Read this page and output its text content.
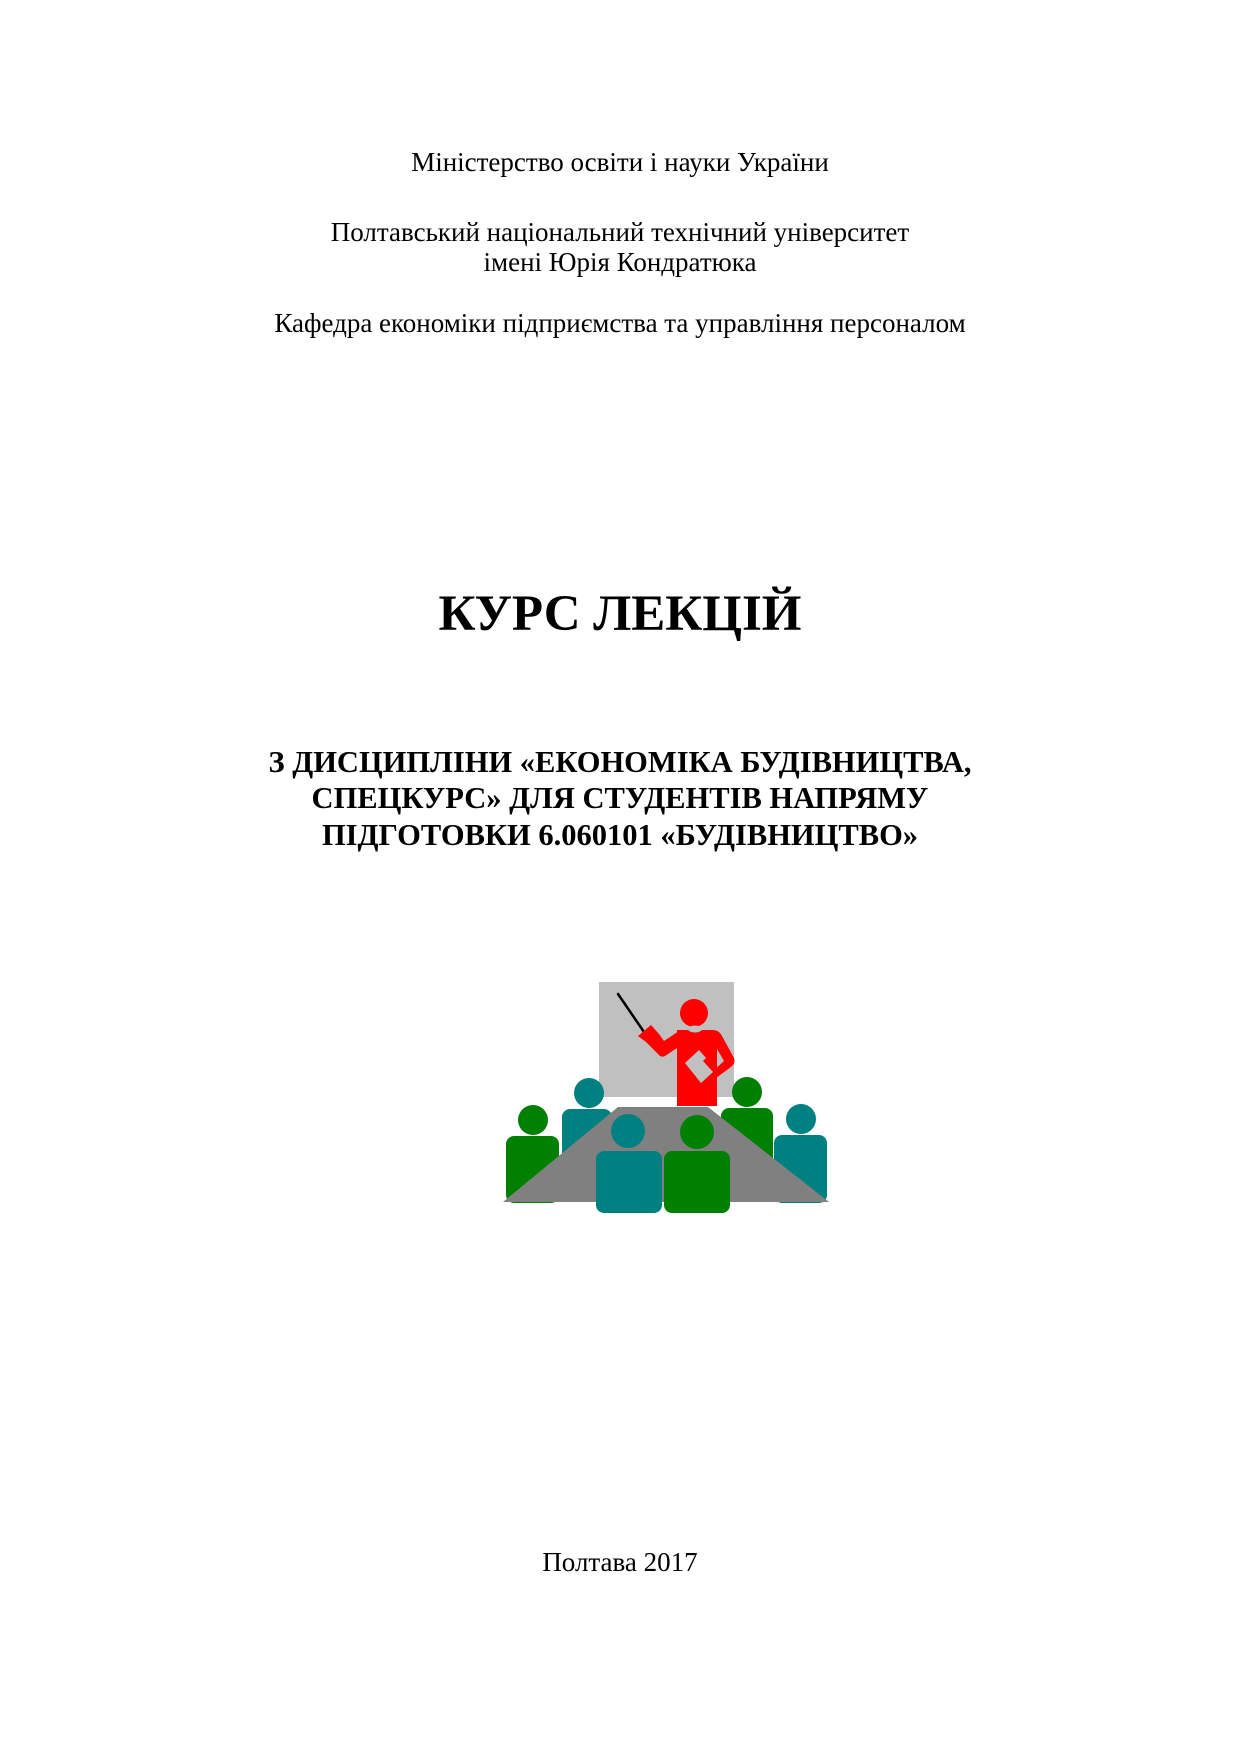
Міністерство освіти і науки України

Полтавський національний технічний університет

імені Юрія Кондратюка

Кафедра економіки підприємства та управління персоналом

КУРС ЛЕКЦІЙ

З ДИСЦИПЛІНИ «ЕКОНОМІКА БУДІВНИЦТВА,

СПЕЦКУРС» ДЛЯ СТУДЕНТІВ НАПРЯМУ

ПІДГОТОВКИ 6.060101 «БУДІВНИЦТВО»

Полтава 2017
